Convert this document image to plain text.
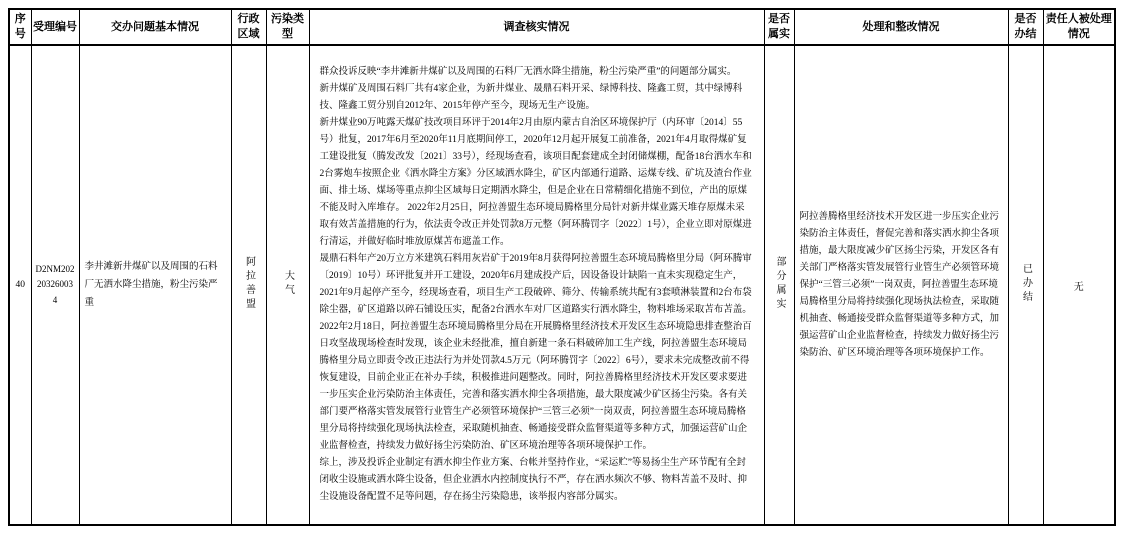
序号	受理编号	交办问题基本情况	行政区域	污染类型	调查核实情况	是否属实	处理和整改情况	是否办结	责任人被处理情况
40	D2NM202203260034	李井滩新井煤矿以及周围的石料厂无洒水降尘措施，粉尘污染严重	阿拉善盟	大气	群众投诉反映“李井滩新井煤矿以及周围的石料厂无洒水降尘措施，粉尘污染严重”的问题部分属实。

新井煤矿及周围石料厂共有4家企业，为新井煤业、晟鼎石料开采、绿博科技、隆鑫工贸，其中绿博科技、隆鑫工贸分别自2012年、2015年停产至今，现场无生产设施。

新井煤业90万吨露天煤矿技改项目环评于2014年2月由原内蒙古自治区环境保护厅（内环审〔2014〕55号）批复，2017年6月至2020年11月底期间停工，2020年12月起开展复工前准备，2021年4月取得煤矿复工建设批复（腾发改发〔2021〕33号），经现场查看，该项目配套建成全封闭储煤棚，配备18台洒水车和2台雾炮车按照企业《洒水降尘方案》分区域洒水降尘，矿区内部通行道路、运煤专线、矿坑及渣台作业面、排土场、煤场等重点抑尘区域每日定期洒水降尘，但是企业在日常精细化措施不到位，产出的原煤不能及时入库堆存。 2022年2月25日，阿拉善盟生态环境局腾格里分局针对新井煤业露天堆存原煤未采取有效苫盖措施的行为，依法责令改正并处罚款8万元整（阿环腾罚字〔2022〕1号），企业立即对原煤进行清运，并做好临时堆放原煤苫布遮盖工作。

晟鼎石料年产20万立方米建筑石料用灰岩矿于2019年8月获得阿拉善盟生态环境局腾格里分局（阿环腾审〔2019〕10号）环评批复并开工建设，2020年6月建成投产后，因设备设计缺陷一直未实现稳定生产，2021年9月起停产至今，经现场查看，项目生产工段破碎、筛分、传输系统共配有3套喷淋装置和2台布袋除尘器，矿区道路以碎石铺设压实，配备2台洒水车对厂区道路实行洒水降尘，物料堆场采取苫布苫盖。2022年2月18日，阿拉善盟生态环境局腾格里分局在开展腾格里经济技术开发区生态环境隐患排查整治百日攻坚战现场检查时发现，该企业未经批准，擅自新建一条石料破碎加工生产线，阿拉善盟生态环境局腾格里分局立即责令改正违法行为并处罚款4.5万元（阿环腾罚字〔2022〕6号），要求未完成整改前不得恢复建设，目前企业正在补办手续，积极推进问题整改。同时，阿拉善腾格里经济技术开发区要求要进一步压实企业污染防治主体责任，完善和落实洒水抑尘各项措施，最大限度减少矿区扬尘污染。各有关部门要严格落实管发展管行业管生产必须管环境保护“三管三必须”一岗双责，阿拉善盟生态环境局腾格里分局将持续强化现场执法检查，采取随机抽查、畅通接受群众监督渠道等多种方式，加强运营矿山企业监督检查，持续发力做好扬尘污染防治、矿区环境治理等各项环境保护工作。

综上，涉及投诉企业制定有洒水抑尘作业方案、台帐并坚持作业，“采运贮”等易扬尘生产环节配有全封闭收尘设施或洒水降尘设备，但企业洒水内控制度执行不严，存在洒水频次不够、物料苫盖不及时、抑尘设施设备配置不足等问题，存在扬尘污染隐患，该举报内容部分属实。	部分属实	阿拉善腾格里经济技术开发区进一步压实企业污染防治主体责任，督促完善和落实洒水抑尘各项措施，最大限度减少矿区扬尘污染，开发区各有关部门严格落实管发展管行业管生产必须管环境保护“三管三必须”一岗双责，阿拉善盟生态环境局腾格里分局将持续强化现场执法检查，采取随机抽查、畅通接受群众监督渠道等多种方式，加强运营矿山企业监督检查，持续发力做好扬尘污染防治、矿区环境治理等各项环境保护工作。	已办结	无
